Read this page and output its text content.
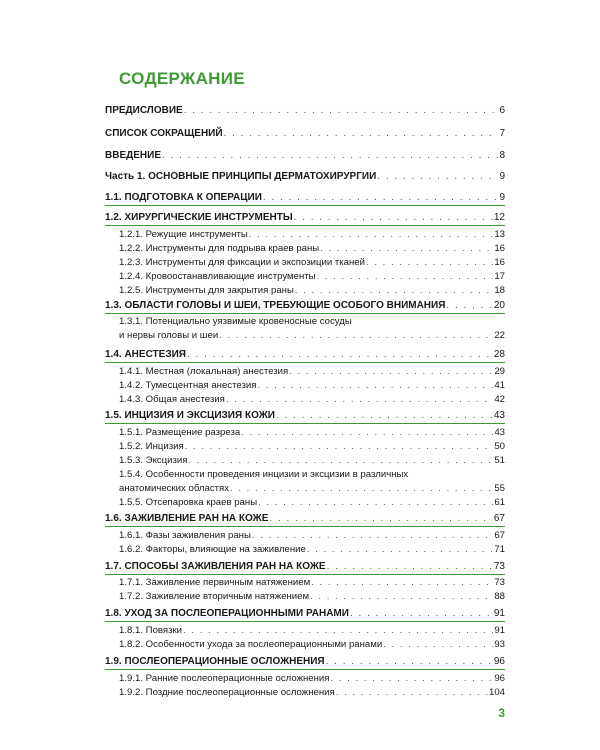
СОДЕРЖАНИЕ
ПРЕДИСЛОВИЕ . . .	6
СПИСОК СОКРАЩЕНИЙ . . .	7
ВВЕДЕНИЕ . . .	8
Часть 1. ОСНОВНЫЕ ПРИНЦИПЫ ДЕРМАТОХИРУРГИИ . . .	9
1.1. ПОДГОТОВКА К ОПЕРАЦИИ . . .	9
1.2. ХИРУРГИЧЕСКИЕ ИНСТРУМЕНТЫ . . .	12
1.2.1. Режущие инструменты . . .	13
1.2.2. Инструменты для подрыва краев раны . . .	16
1.2.3. Инструменты для фиксации и экспозиции тканей . . .	16
1.2.4. Кровоостанавливающие инструменты . . .	17
1.2.5. Инструменты для закрытия раны . . .	18
1.3. ОБЛАСТИ ГОЛОВЫ И ШЕИ, ТРЕБУЮЩИЕ ОСОБОГО ВНИМАНИЯ . . .	20
1.3.1. Потенциально уязвимые кровеносные сосуды
и нервы головы и шеи . . .	22
1.4. АНЕСТЕЗИЯ . . .	28
1.4.1. Местная (локальная) анестезия . . .	29
1.4.2. Тумесцентная анестезия . . .	41
1.4.3. Общая анестезия . . .	42
1.5. ИНЦИЗИЯ И ЭКСЦИЗИЯ КОЖИ . . .	43
1.5.1. Размещение разреза . . .	43
1.5.2. Инцизия . . .	50
1.5.3. Эксцизия . . .	51
1.5.4. Особенности проведения инцизии и эксцизии в различных
анатомических областях . . .	55
1.5.5. Отсепаровка краев раны . . .	61
1.6. ЗАЖИВЛЕНИЕ РАН НА КОЖЕ . . .	67
1.6.1. Фазы заживления раны . . .	67
1.6.2. Факторы, влияющие на заживление . . .	71
1.7. СПОСОБЫ ЗАЖИВЛЕНИЯ РАН НА КОЖЕ . . .	73
1.7.1. Заживление первичным натяжением . . .	73
1.7.2. Заживление вторичным натяжением . . .	88
1.8. УХОД ЗА ПОСЛЕОПЕРАЦИОННЫМИ РАНАМИ . . .	91
1.8.1. Повязки . . .	91
1.8.2. Особенности ухода за послеоперационными ранами . . .	93
1.9. ПОСЛЕОПЕРАЦИОННЫЕ ОСЛОЖНЕНИЯ . . .	96
1.9.1. Ранние послеоперационные осложнения . . .	96
1.9.2. Поздние послеоперационные осложнения . . .	104
3
